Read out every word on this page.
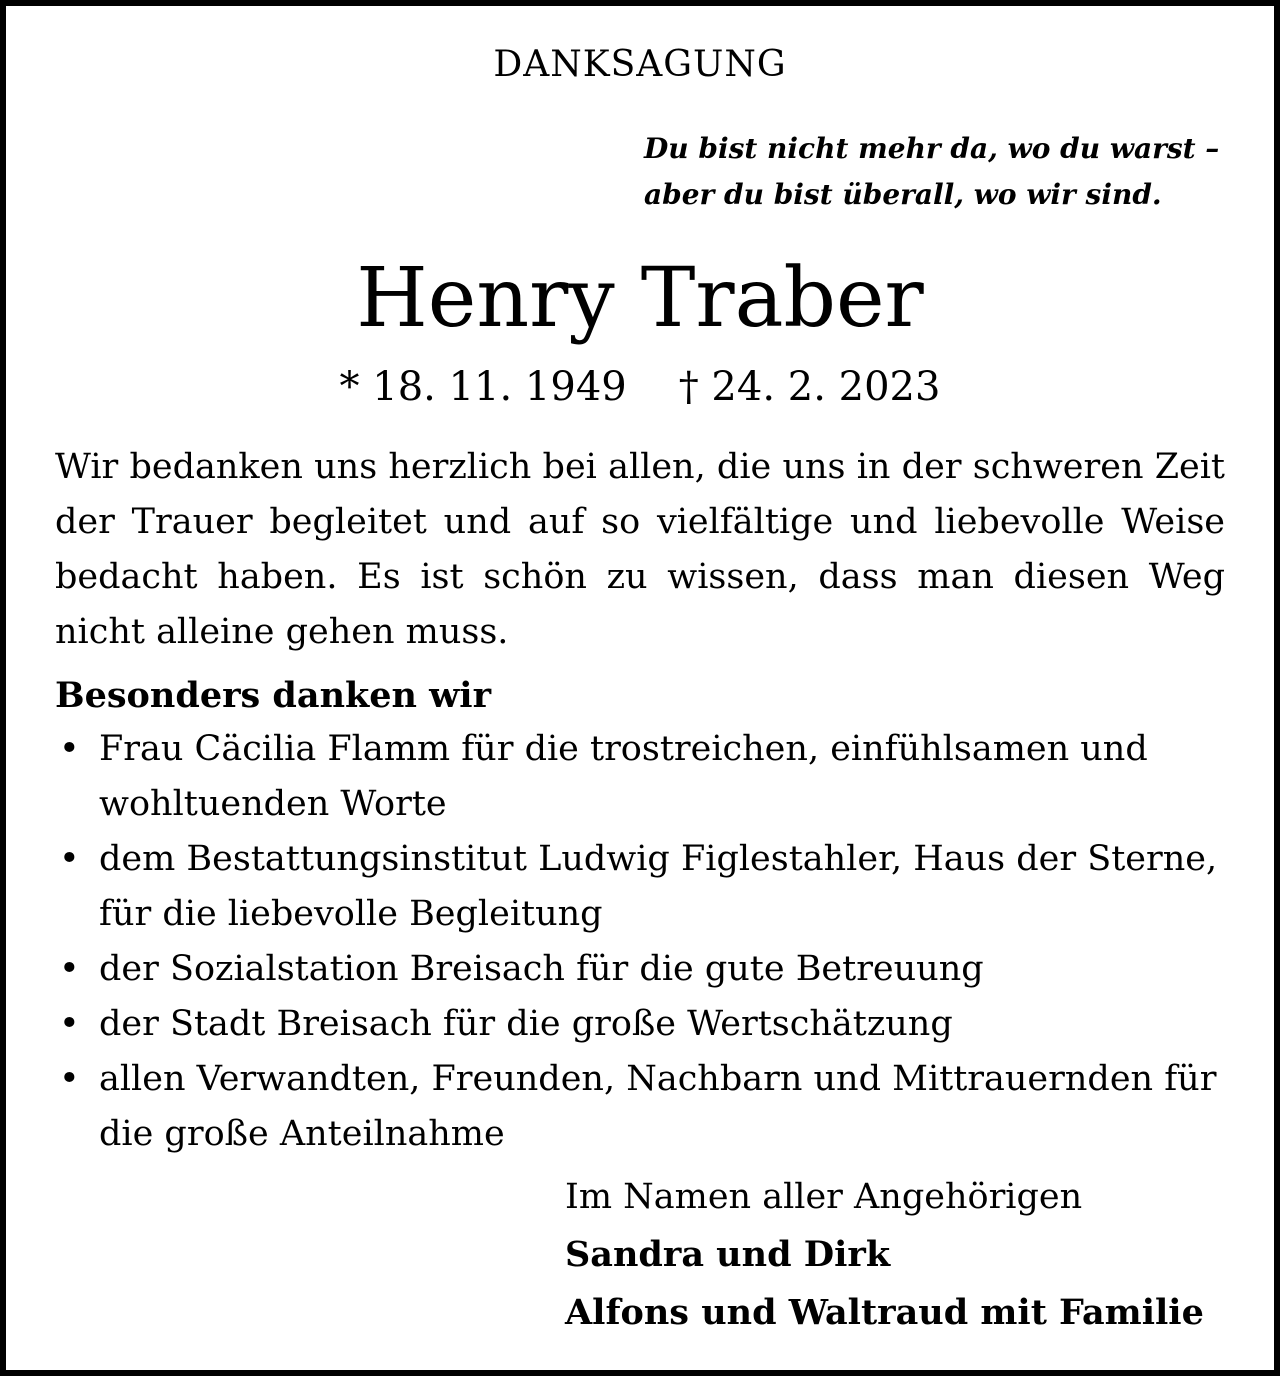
DANKSAGUNG
Du bist nicht mehr da, wo du warst –
aber du bist überall, wo wir sind.
Henry Traber
* 18. 11. 1949 † 24. 2. 2023
Wir bedanken uns herzlich bei allen, die uns in der schweren Zeit der Trauer begleitet und auf so vielfältige und liebevolle Weise bedacht haben. Es ist schön zu wissen, dass man diesen Weg nicht alleine gehen muss.
Besonders danken wir
• Frau Cäcilia Flamm für die trostreichen, einfühlsamen und wohltuenden Worte
• dem Bestattungsinstitut Ludwig Figlestahler, Haus der Sterne, für die liebevolle Begleitung
• der Sozialstation Breisach für die gute Betreuung
• der Stadt Breisach für die große Wertschätzung
• allen Verwandten, Freunden, Nachbarn und Mittrauernden für die große Anteilnahme
Im Namen aller Angehörigen
Sandra und Dirk
Alfons und Waltraud mit Familie
